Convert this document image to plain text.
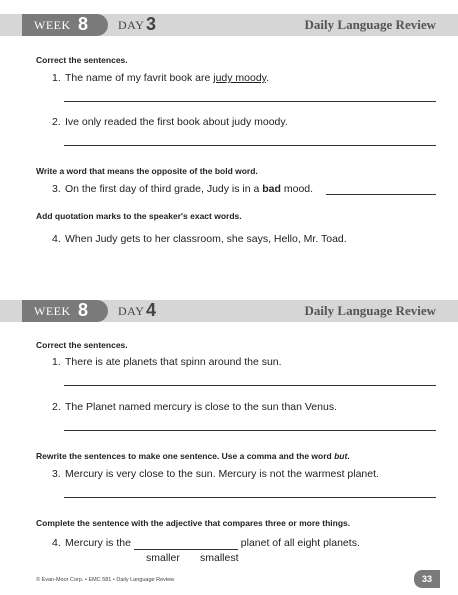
WEEK 8 DAY 3	Daily Language Review
Correct the sentences.
1. The name of my favrit book are judy moody.
2. Ive only readed the first book about judy moody.
Write a word that means the opposite of the bold word.
3. On the first day of third grade, Judy is in a bad mood.
Add quotation marks to the speaker's exact words.
4. When Judy gets to her classroom, she says, Hello, Mr. Toad.
WEEK 8 DAY 4	Daily Language Review
Correct the sentences.
1. There is ate planets that spinn around the sun.
2. The Planet named mercury is close to the sun than Venus.
Rewrite the sentences to make one sentence. Use a comma and the word but.
3. Mercury is very close to the sun. Mercury is not the warmest planet.
Complete the sentence with the adjective that compares three or more things.
4. Mercury is the	planet of all eight planets.
smaller smallest
© Evan-Moor Corp. • EMC 581 • Daily Language Review	33
